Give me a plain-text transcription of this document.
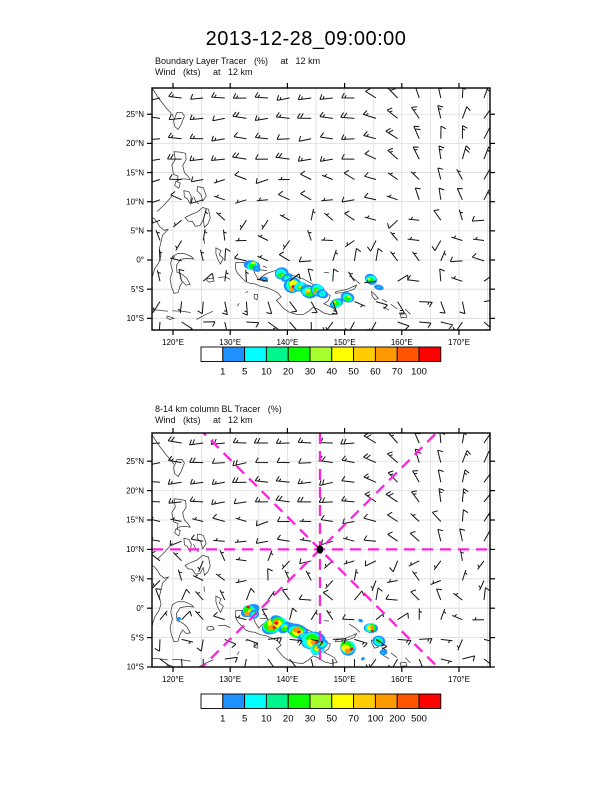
2013-12-28_09:00:00
Boundary Layer Tracer   (%)     at   12 km
Wind   (kts)     at   12 km
8-14 km column BL Tracer   (%)
Wind   (kts)     at   12 km
25°N
20°N
15°N
10°N
5°N
0°
5°S
10°S
120°E	130°E	140°E	150°E	160°E	170°E
1 5 10 20 30 40 50 60 70 100
25°N
20°N
15°N
10°N
5°N
0°
5°S
10°S
120°E	130°E	140°E	150°E	160°E	170°E
1 5 10 20 30 50 70 100 200 500
